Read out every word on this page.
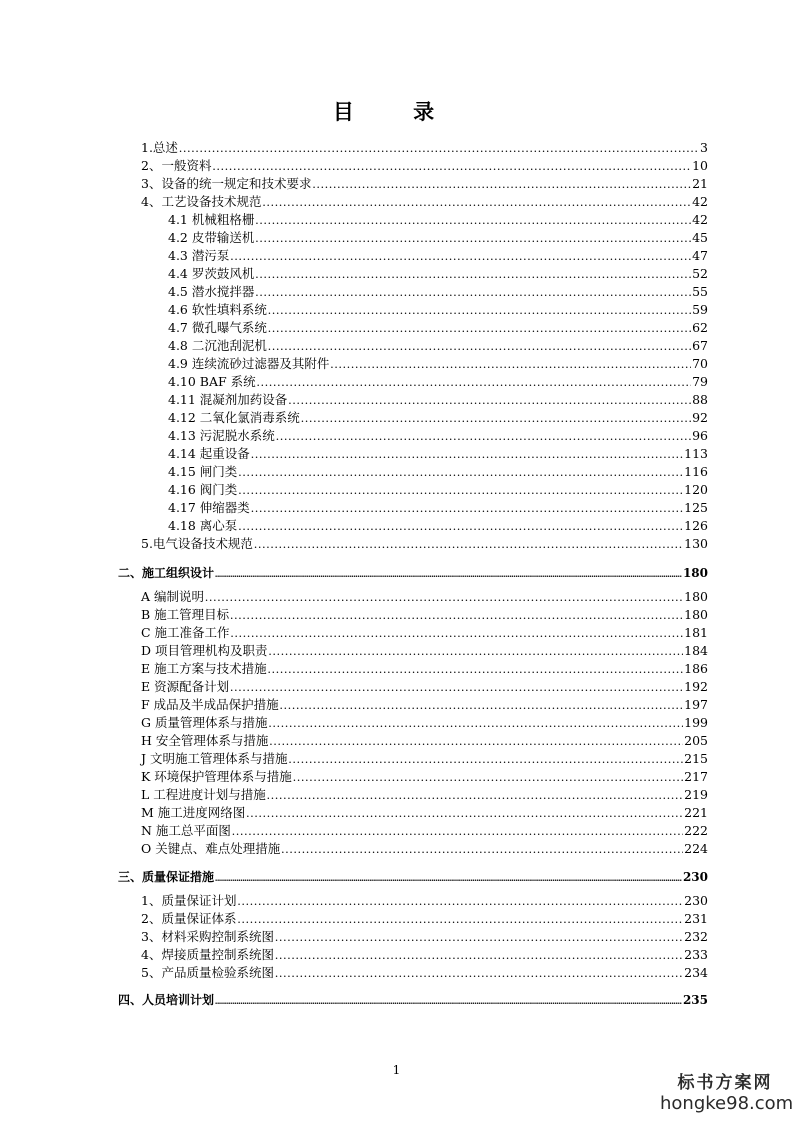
目 录
1.总述 .....	3
2、一般资料 .....	10
3、设备的统一规定和技术要求 .....	21
4、工艺设备技术规范 .....	42
4.1 机械粗格栅 .....	42
4.2 皮带输送机 .....	45
4.3 潜污泵 .....	47
4.4 罗茨鼓风机 .....	52
4.5 潜水搅拌器 .....	55
4.6 软性填料系统 .....	59
4.7 微孔曝气系统 .....	62
4.8 二沉池刮泥机 .....	67
4.9 连续流砂过滤器及其附件 .....	70
4.10 BAF 系统 .....	79
4.11 混凝剂加药设备 .....	88
4.12 二氧化氯消毒系统 .....	92
4.13 污泥脱水系统 .....	96
4.14 起重设备 .....	113
4.15 闸门类 .....	116
4.16 阀门类 .....	120
4.17 伸缩器类 .....	125
4.18 离心泵 .....	126
5.电气设备技术规范 .....	130
二、施工组织设计 .....	180
A 编制说明 .....	180
B 施工管理目标 .....	180
C 施工准备工作 .....	181
D 项目管理机构及职责 .....	184
E 施工方案与技术措施 .....	186
E 资源配备计划 .....	192
F 成品及半成品保护措施 .....	197
G 质量管理体系与措施 .....	199
H 安全管理体系与措施 .....	205
J 文明施工管理体系与措施 .....	215
K 环境保护管理体系与措施 .....	217
L 工程进度计划与措施 .....	219
M 施工进度网络图 .....	221
N 施工总平面图 .....	222
O 关键点、难点处理措施 .....	224
三、质量保证措施 .....	230
1、质量保证计划 .....	230
2、质量保证体系 .....	231
3、材料采购控制系统图 .....	232
4、焊接质量控制系统图 .....	233
5、产品质量检验系统图 .....	234
四、人员培训计划 .....	235
1
标书方案网
hongke98.com
